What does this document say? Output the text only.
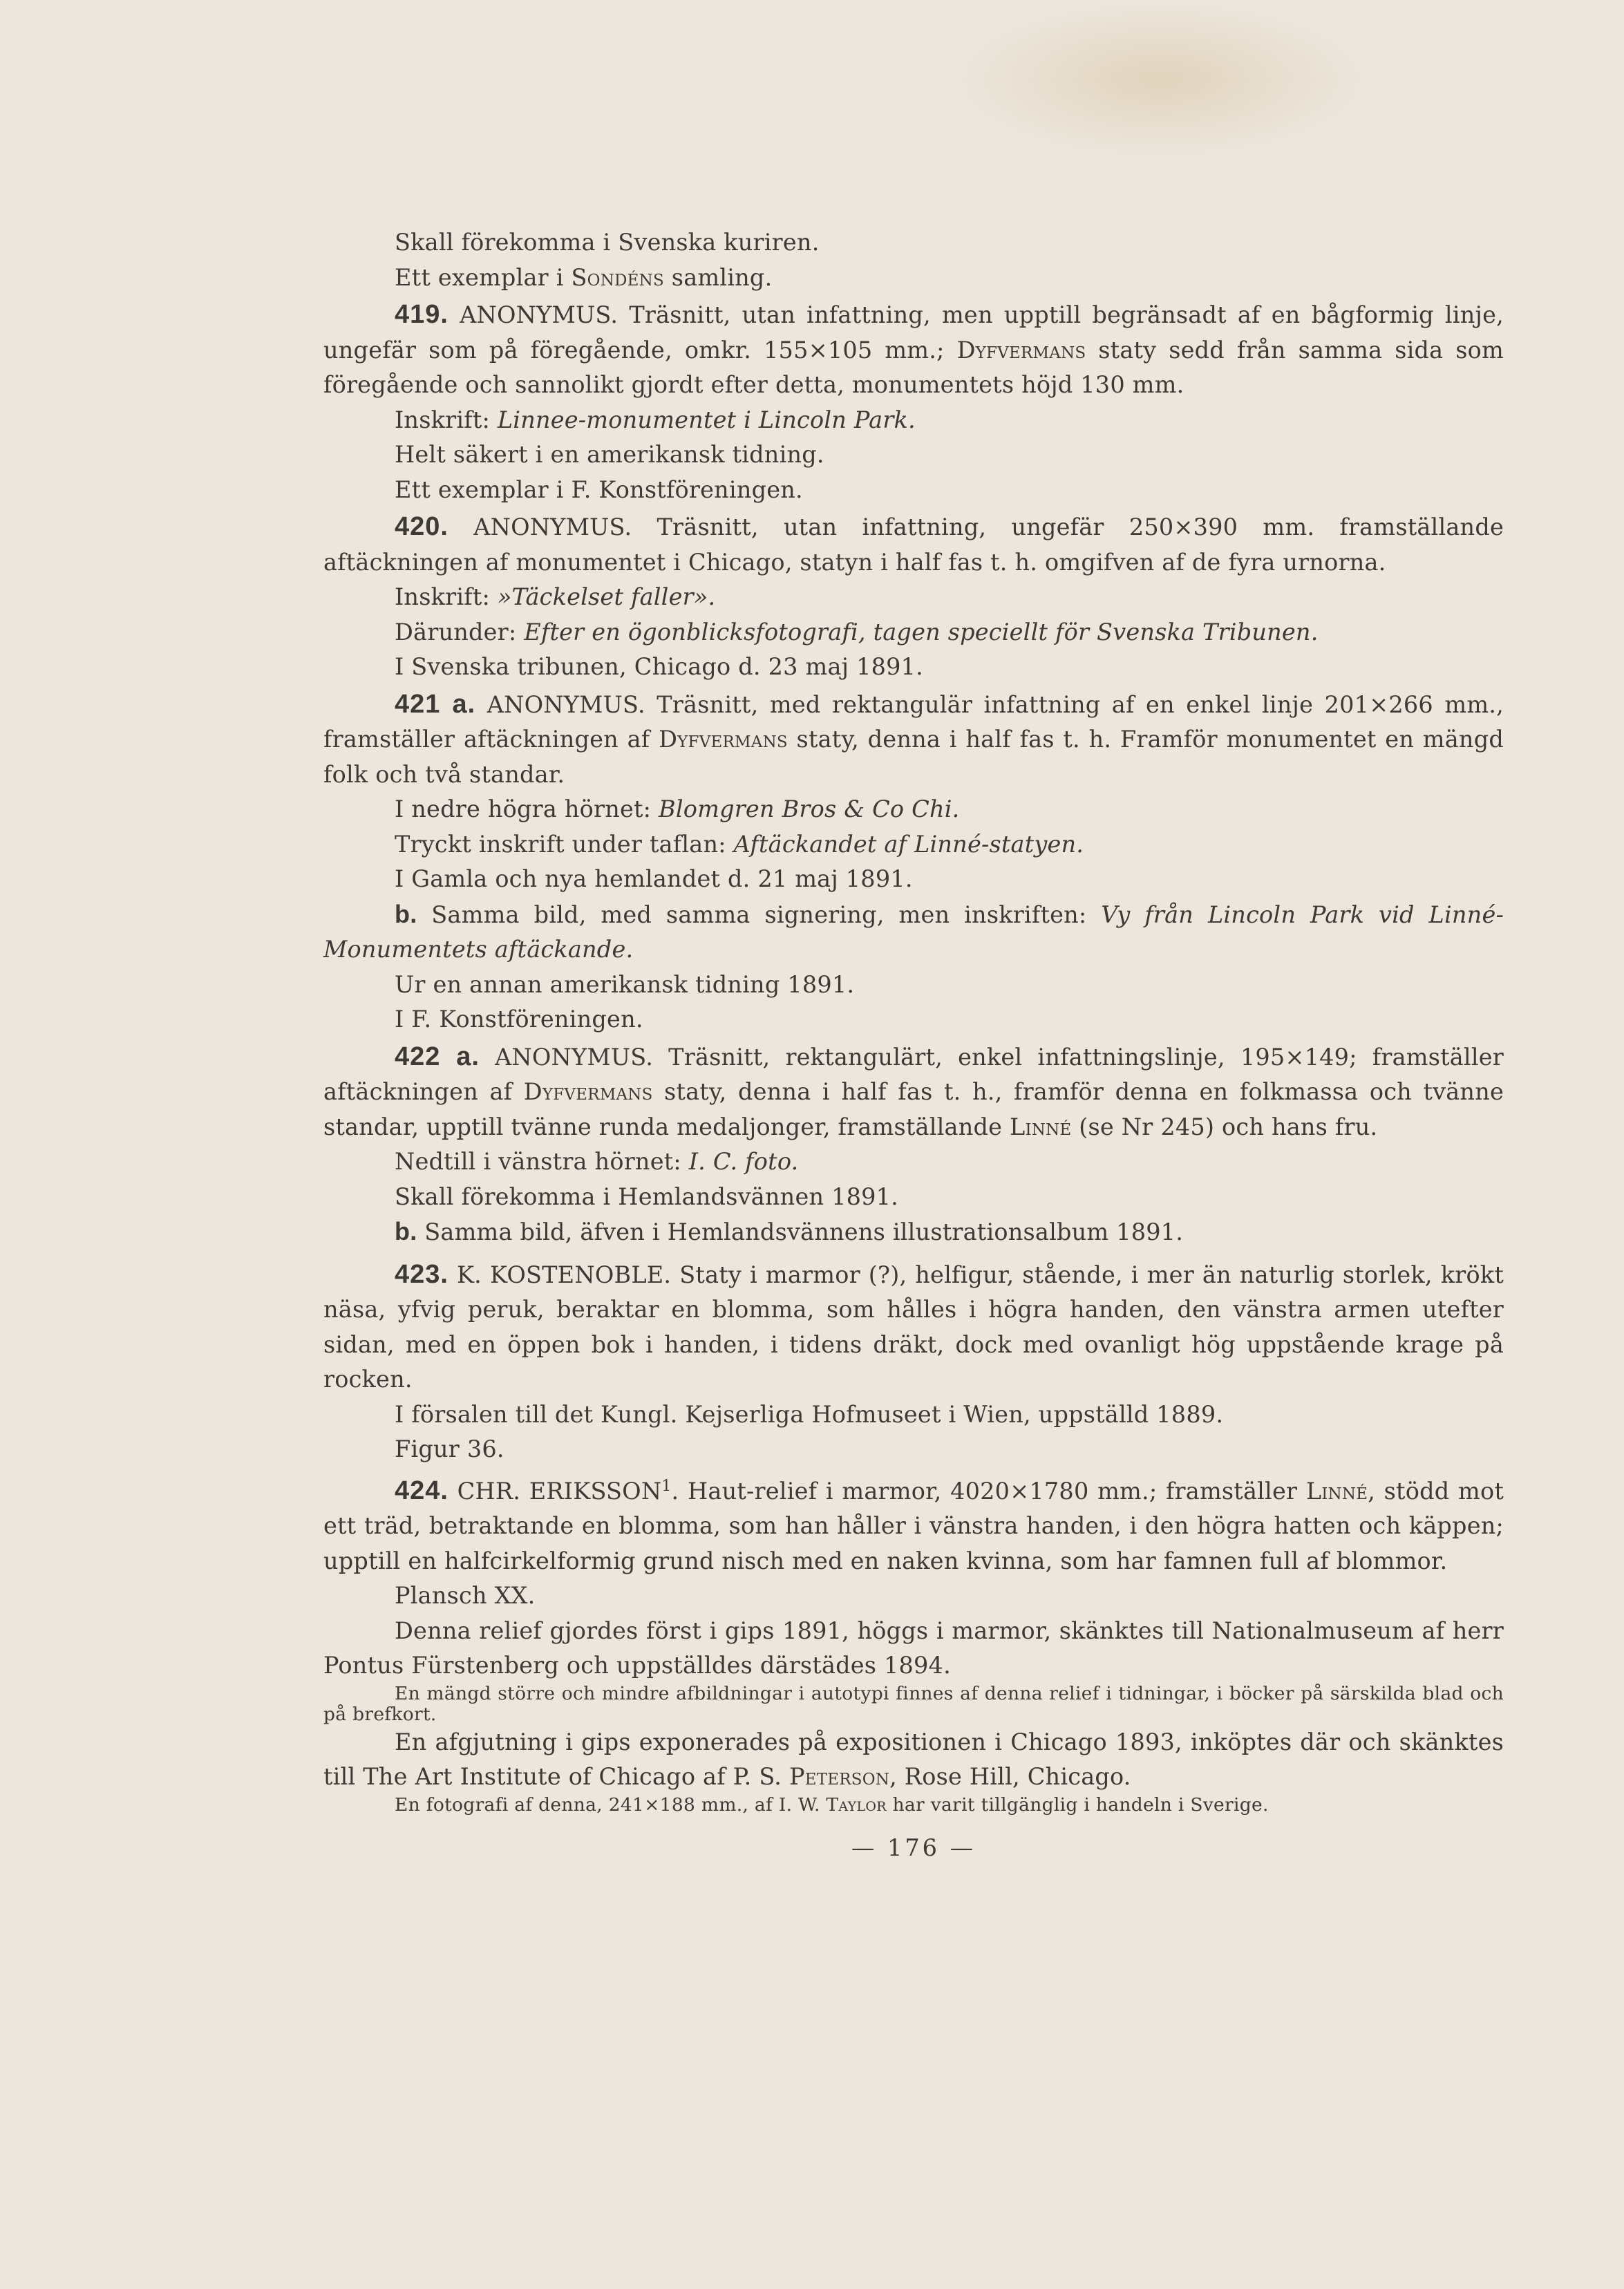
Skall förekomma i Svenska kuriren.

Ett exemplar i Sondéns samling.

419. ANONYMUS. Träsnitt, utan infattning, men upptill begränsadt af en bågformig linje, ungefär som på föregående, omkr. 155×105 mm.; Dyfvermans staty sedd från samma sida som föregående och sannolikt gjordt efter detta, monumentets höjd 130 mm.

Inskrift: Linnee-monumentet i Lincoln Park.

Helt säkert i en amerikansk tidning.

Ett exemplar i F. Konstföreningen.

420. ANONYMUS. Träsnitt, utan infattning, ungefär 250×390 mm. framställande aftäckningen af monumentet i Chicago, statyn i half fas t. h. omgifven af de fyra urnorna.

Inskrift: »Täckelset faller».

Därunder: Efter en ögonblicksfotografi, tagen speciellt för Svenska Tribunen.

I Svenska tribunen, Chicago d. 23 maj 1891.

421 a. ANONYMUS. Träsnitt, med rektangulär infattning af en enkel linje 201×266 mm., framställer aftäckningen af Dyfvermans staty, denna i half fas t. h. Framför monumentet en mängd folk och två standar.

I nedre högra hörnet: Blomgren Bros & Co Chi.

Tryckt inskrift under taflan: Aftäckandet af Linné-statyen.

I Gamla och nya hemlandet d. 21 maj 1891.

b. Samma bild, med samma signering, men inskriften: Vy från Lincoln Park vid Linné-Monumentets aftäckande.

Ur en annan amerikansk tidning 1891.

I F. Konstföreningen.

422 a. ANONYMUS. Träsnitt, rektangulärt, enkel infattningslinje, 195×149; framställer aftäckningen af Dyfvermans staty, denna i half fas t. h., framför denna en folkmassa och tvänne standar, upptill tvänne runda medaljonger, framställande Linné (se Nr 245) och hans fru.

Nedtill i vänstra hörnet: I. C. foto.

Skall förekomma i Hemlandsvännen 1891.

b. Samma bild, äfven i Hemlandsvännens illustrationsalbum 1891.

423. K. KOSTENOBLE. Staty i marmor (?), helfigur, stående, i mer än naturlig storlek, krökt näsa, yfvig peruk, beraktar en blomma, som hålles i högra handen, den vänstra armen utefter sidan, med en öppen bok i handen, i tidens dräkt, dock med ovanligt hög uppstående krage på rocken.

I försalen till det Kungl. Kejserliga Hofmuseet i Wien, uppställd 1889.

Figur 36.

424. CHR. ERIKSSON$^1$. Haut-relief i marmor, 4020×1780 mm.; framställer Linné, stödd mot ett träd, betraktande en blomma, som han håller i vänstra handen, i den högra hatten och käppen; upptill en halfcirkelformig grund nisch med en naken kvinna, som har famnen full af blommor.

Plansch XX.

Denna relief gjordes först i gips 1891, höggs i marmor, skänktes till Nationalmuseum af herr Pontus Fürstenberg och uppställdes därstädes 1894.

En mängd större och mindre afbildningar i autotypi finnes af denna relief i tidningar, i böcker på särskilda blad och på brefkort.

En afgjutning i gips exponerades på expositionen i Chicago 1893, inköptes där och skänktes till The Art Institute of Chicago af P. S. Peterson, Rose Hill, Chicago.

En fotografi af denna, 241×188 mm., af I. W. Taylor har varit tillgänglig i handeln i Sverige.

— 176 —
